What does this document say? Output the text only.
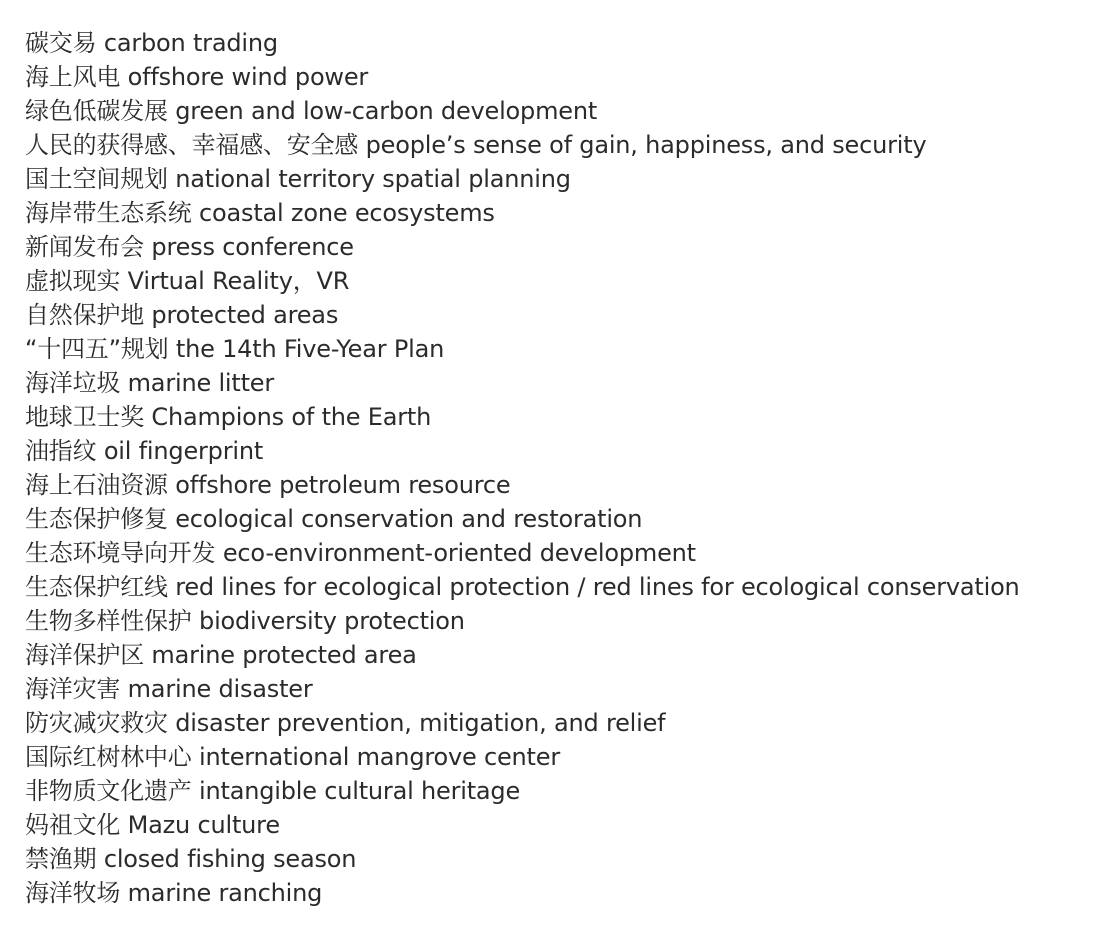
碳交易 carbon trading
海上风电 offshore wind power
绿色低碳发展 green and low-carbon development
人民的获得感、幸福感、安全感 people’s sense of gain, happiness, and security
国土空间规划 national territory spatial planning
海岸带生态系统 coastal zone ecosystems
新闻发布会 press conference
虚拟现实 Virtual Reality，VR
自然保护地 protected areas
“十四五”规划 the 14th Five-Year Plan
海洋垃圾 marine litter
地球卫士奖 Champions of the Earth
油指纹 oil fingerprint
海上石油资源 offshore petroleum resource
生态保护修复 ecological conservation and restoration
生态环境导向开发 eco-environment-oriented development
生态保护红线 red lines for ecological protection / red lines for ecological conservation
生物多样性保护 biodiversity protection
海洋保护区 marine protected area
海洋灾害 marine disaster
防灾减灾救灾 disaster prevention, mitigation, and relief
国际红树林中心 international mangrove center
非物质文化遗产 intangible cultural heritage
妈祖文化 Mazu culture
禁渔期 closed fishing season
海洋牧场 marine ranching
